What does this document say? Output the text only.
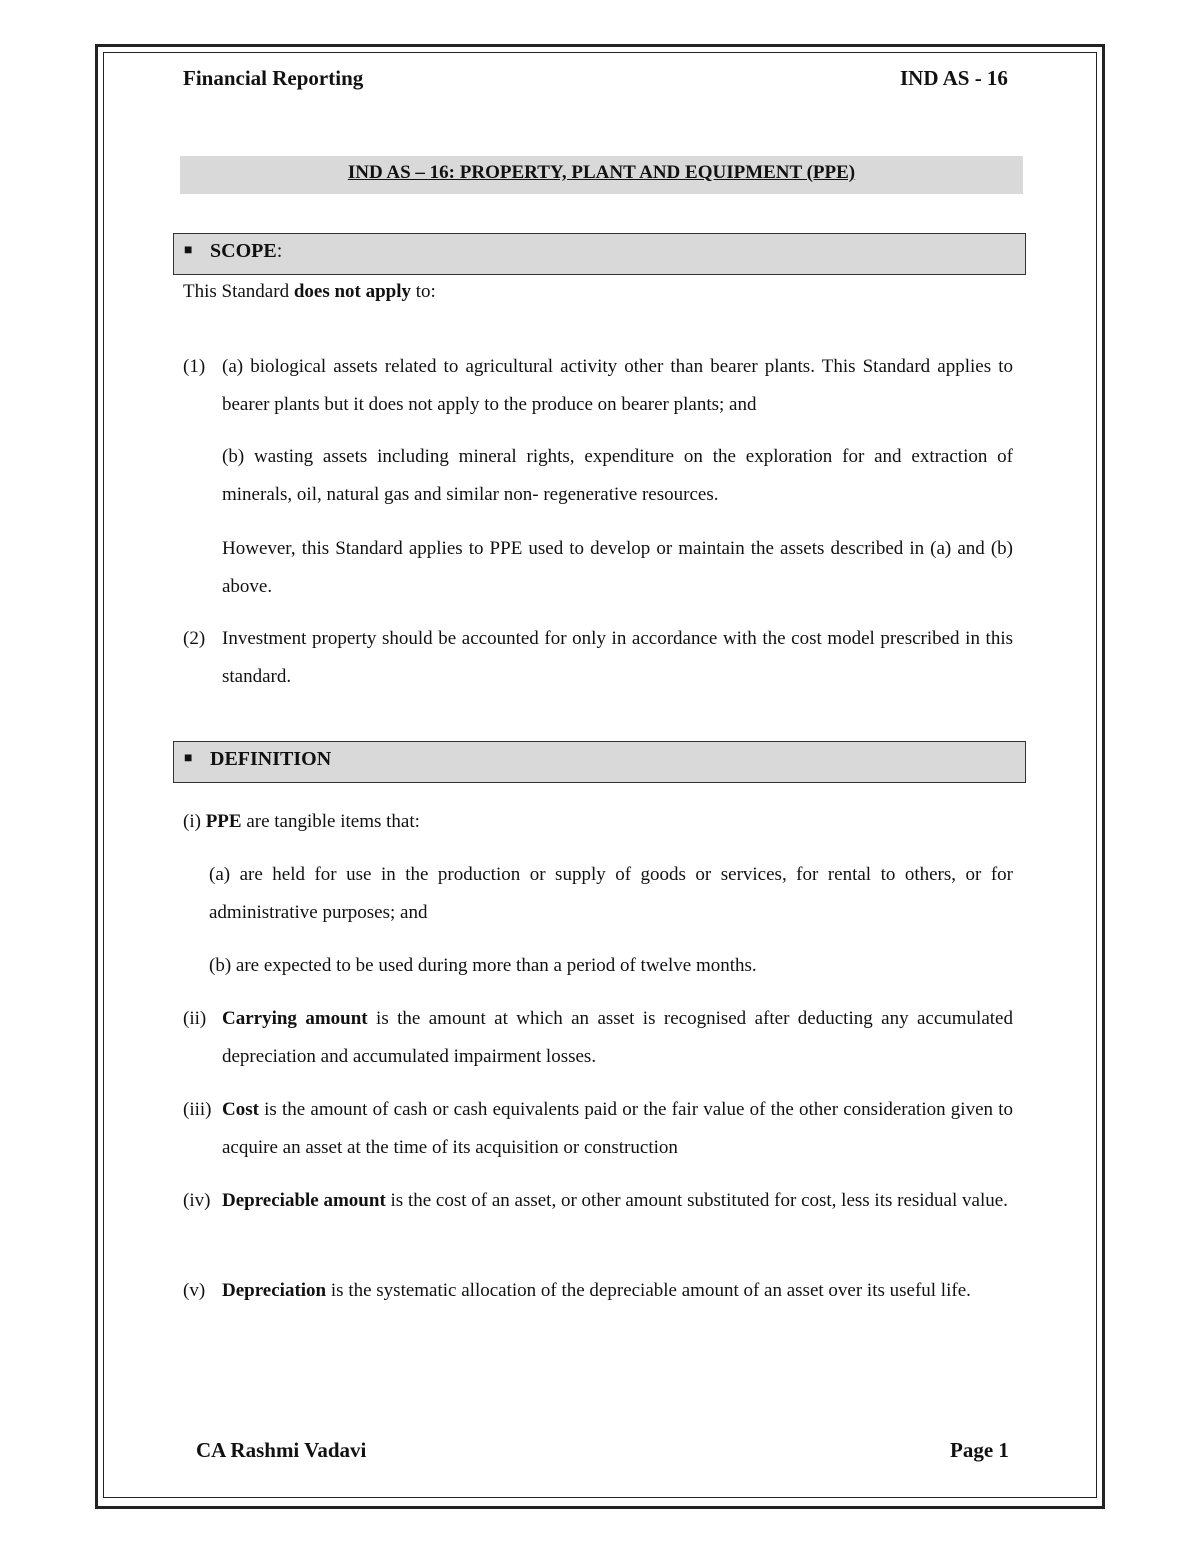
Financial Reporting	IND AS - 16
IND AS – 16: PROPERTY, PLANT AND EQUIPMENT (PPE)
■ SCOPE:
This Standard does not apply to:
(1) (a) biological assets related to agricultural activity other than bearer plants. This Standard applies to bearer plants but it does not apply to the produce on bearer plants; and
(b) wasting assets including mineral rights, expenditure on the exploration for and extraction of minerals, oil, natural gas and similar non- regenerative resources.
However, this Standard applies to PPE used to develop or maintain the assets described in (a) and (b) above.
(2) Investment property should be accounted for only in accordance with the cost model prescribed in this standard.
■ DEFINITION
(i) PPE are tangible items that:
(a) are held for use in the production or supply of goods or services, for rental to others, or for administrative purposes; and
(b) are expected to be used during more than a period of twelve months.
(ii) Carrying amount is the amount at which an asset is recognised after deducting any accumulated depreciation and accumulated impairment losses.
(iii) Cost is the amount of cash or cash equivalents paid or the fair value of the other consideration given to acquire an asset at the time of its acquisition or construction
(iv) Depreciable amount is the cost of an asset, or other amount substituted for cost, less its residual value.
(v) Depreciation is the systematic allocation of the depreciable amount of an asset over its useful life.
CA Rashmi Vadavi	Page 1
